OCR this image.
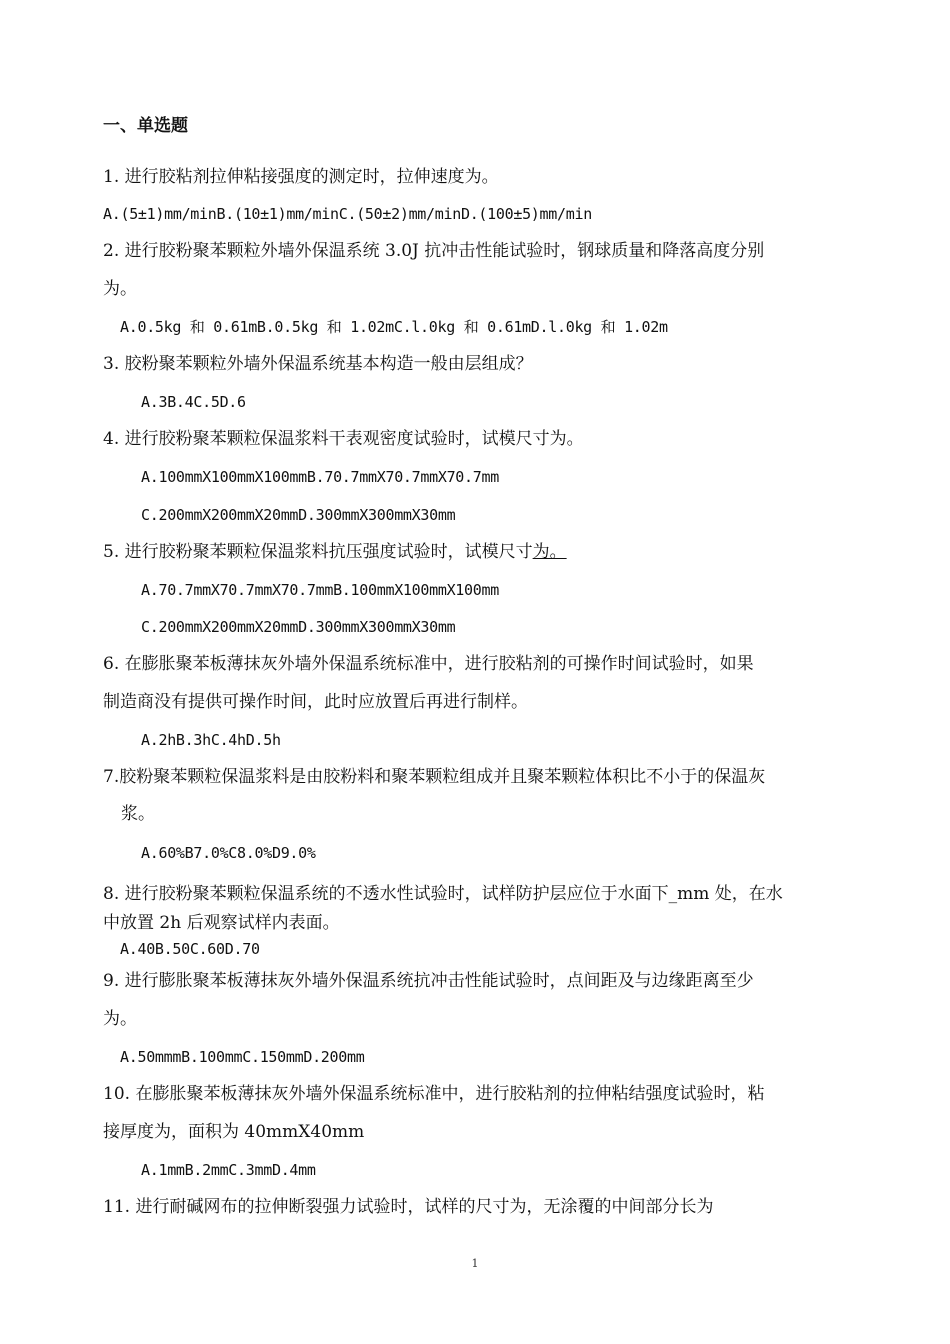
一、单选题
1. 进行胶粘剂拉伸粘接强度的测定时，拉伸速度为。
A.(5±1)mm/minB.(10±1)mm/minC.(50±2)mm/minD.(100±5)mm/min
2. 进行胶粉聚苯颗粒外墙外保温系统 3.0J 抗冲击性能试验时，钢球质量和降落高度分别
为。
A.0.5kg 和 0.61mB.0.5kg 和 1.02mC.l.0kg 和 0.61mD.l.0kg 和 1.02m
3. 胶粉聚苯颗粒外墙外保温系统基本构造一般由层组成？
A.3B.4C.5D.6
4. 进行胶粉聚苯颗粒保温浆料干表观密度试验时，试模尺寸为。
A.100mmX100mmX100mmB.70.7mmX70.7mmX70.7mm
C.200mmX200mmX20mmD.300mmX300mmX30mm
5. 进行胶粉聚苯颗粒保温浆料抗压强度试验时，试模尺寸为。
A.70.7mmX70.7mmX70.7mmB.100mmX100mmX100mm
C.200mmX200mmX20mmD.300mmX300mmX30mm
6. 在膨胀聚苯板薄抹灰外墙外保温系统标准中，进行胶粘剂的可操作时间试验时，如果
制造商没有提供可操作时间，此时应放置后再进行制样。
A.2hB.3hC.4hD.5h
7.胶粉聚苯颗粒保温浆料是由胶粉料和聚苯颗粒组成并且聚苯颗粒体积比不小于的保温灰
浆。
A.60%B7.0%C8.0%D9.0%
8. 进行胶粉聚苯颗粒保温系统的不透水性试验时，试样防护层应位于水面下_mm 处，在水
中放置 2h 后观察试样内表面。
A.40B.50C.60D.70
9. 进行膨胀聚苯板薄抹灰外墙外保温系统抗冲击性能试验时，点间距及与边缘距离至少
为。
A.50mmmB.100mmC.150mmD.200mm
10. 在膨胀聚苯板薄抹灰外墙外保温系统标准中，进行胶粘剂的拉伸粘结强度试验时，粘
接厚度为，面积为 40mmX40mm
A.1mmB.2mmC.3mmD.4mm
11. 进行耐碱网布的拉伸断裂强力试验时，试样的尺寸为，无涂覆的中间部分长为
1
